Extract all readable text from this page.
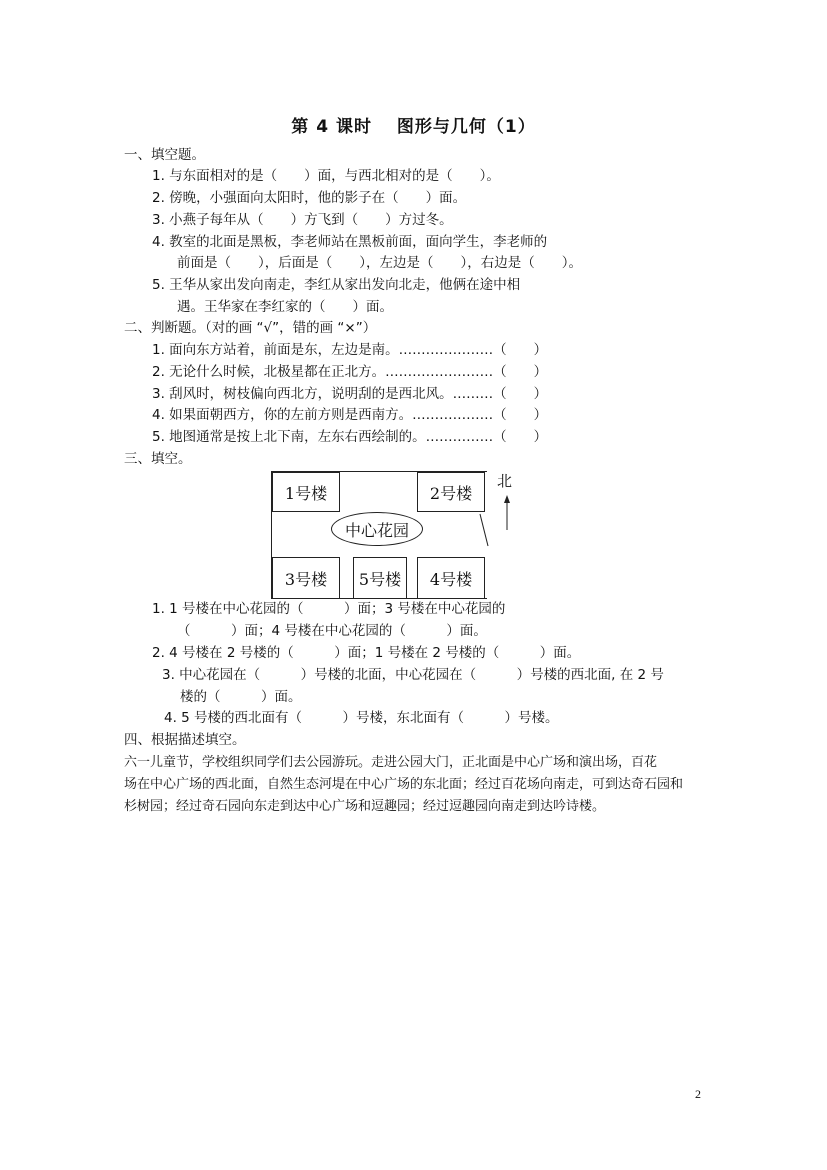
第 4 课时　 图形与几何（1）
一、填空题。
1. 与东面相对的是（　　）面，与西北相对的是（　　）。
2. 傍晚，小强面向太阳时，他的影子在（　　）面。
3. 小燕子每年从（　　）方飞到（　　）方过冬。
4. 教室的北面是黑板，李老师站在黑板前面，面向学生，李老师的
前面是（　　），后面是（　　），左边是（　　），右边是（　　）。
5. 王华从家出发向南走，李红从家出发向北走，他俩在途中相
遇。王华家在李红家的（　　）面。
二、判断题。（对的画 “√”，错的画 “×”）
1. 面向东方站着，前面是东，左边是南。…………………（　　）
2. 无论什么时候，北极星都在正北方。……………………（　　）
3. 刮风时，树枝偏向西北方，说明刮的是西北风。………（　　）
4. 如果面朝西方，你的左前方则是西南方。………………（　　）
5. 地图通常是按上北下南，左东右西绘制的。……………（　　）
三、填空。
1号楼	2号楼
中心花园
3号楼	5号楼	4号楼
北
1. 1 号楼在中心花园的（　　　）面；3 号楼在中心花园的
（　　　）面；4 号楼在中心花园的（　　　）面。
2. 4 号楼在 2 号楼的（　　　）面；1 号楼在 2 号楼的（　　　）面。
3. 中心花园在（　　　）号楼的北面，中心花园在（　　　）号楼的西北面, 在 2 号
楼的（　　　）面。
4. 5 号楼的西北面有（　　　）号楼，东北面有（　　　）号楼。
四、根据描述填空。
六一儿童节，学校组织同学们去公园游玩。走进公园大门，正北面是中心广场和演出场，百花
场在中心广场的西北面，自然生态河堤在中心广场的东北面；经过百花场向南走，可到达奇石园和
杉树园；经过奇石园向东走到达中心广场和逗趣园；经过逗趣园向南走到达吟诗楼。
2
